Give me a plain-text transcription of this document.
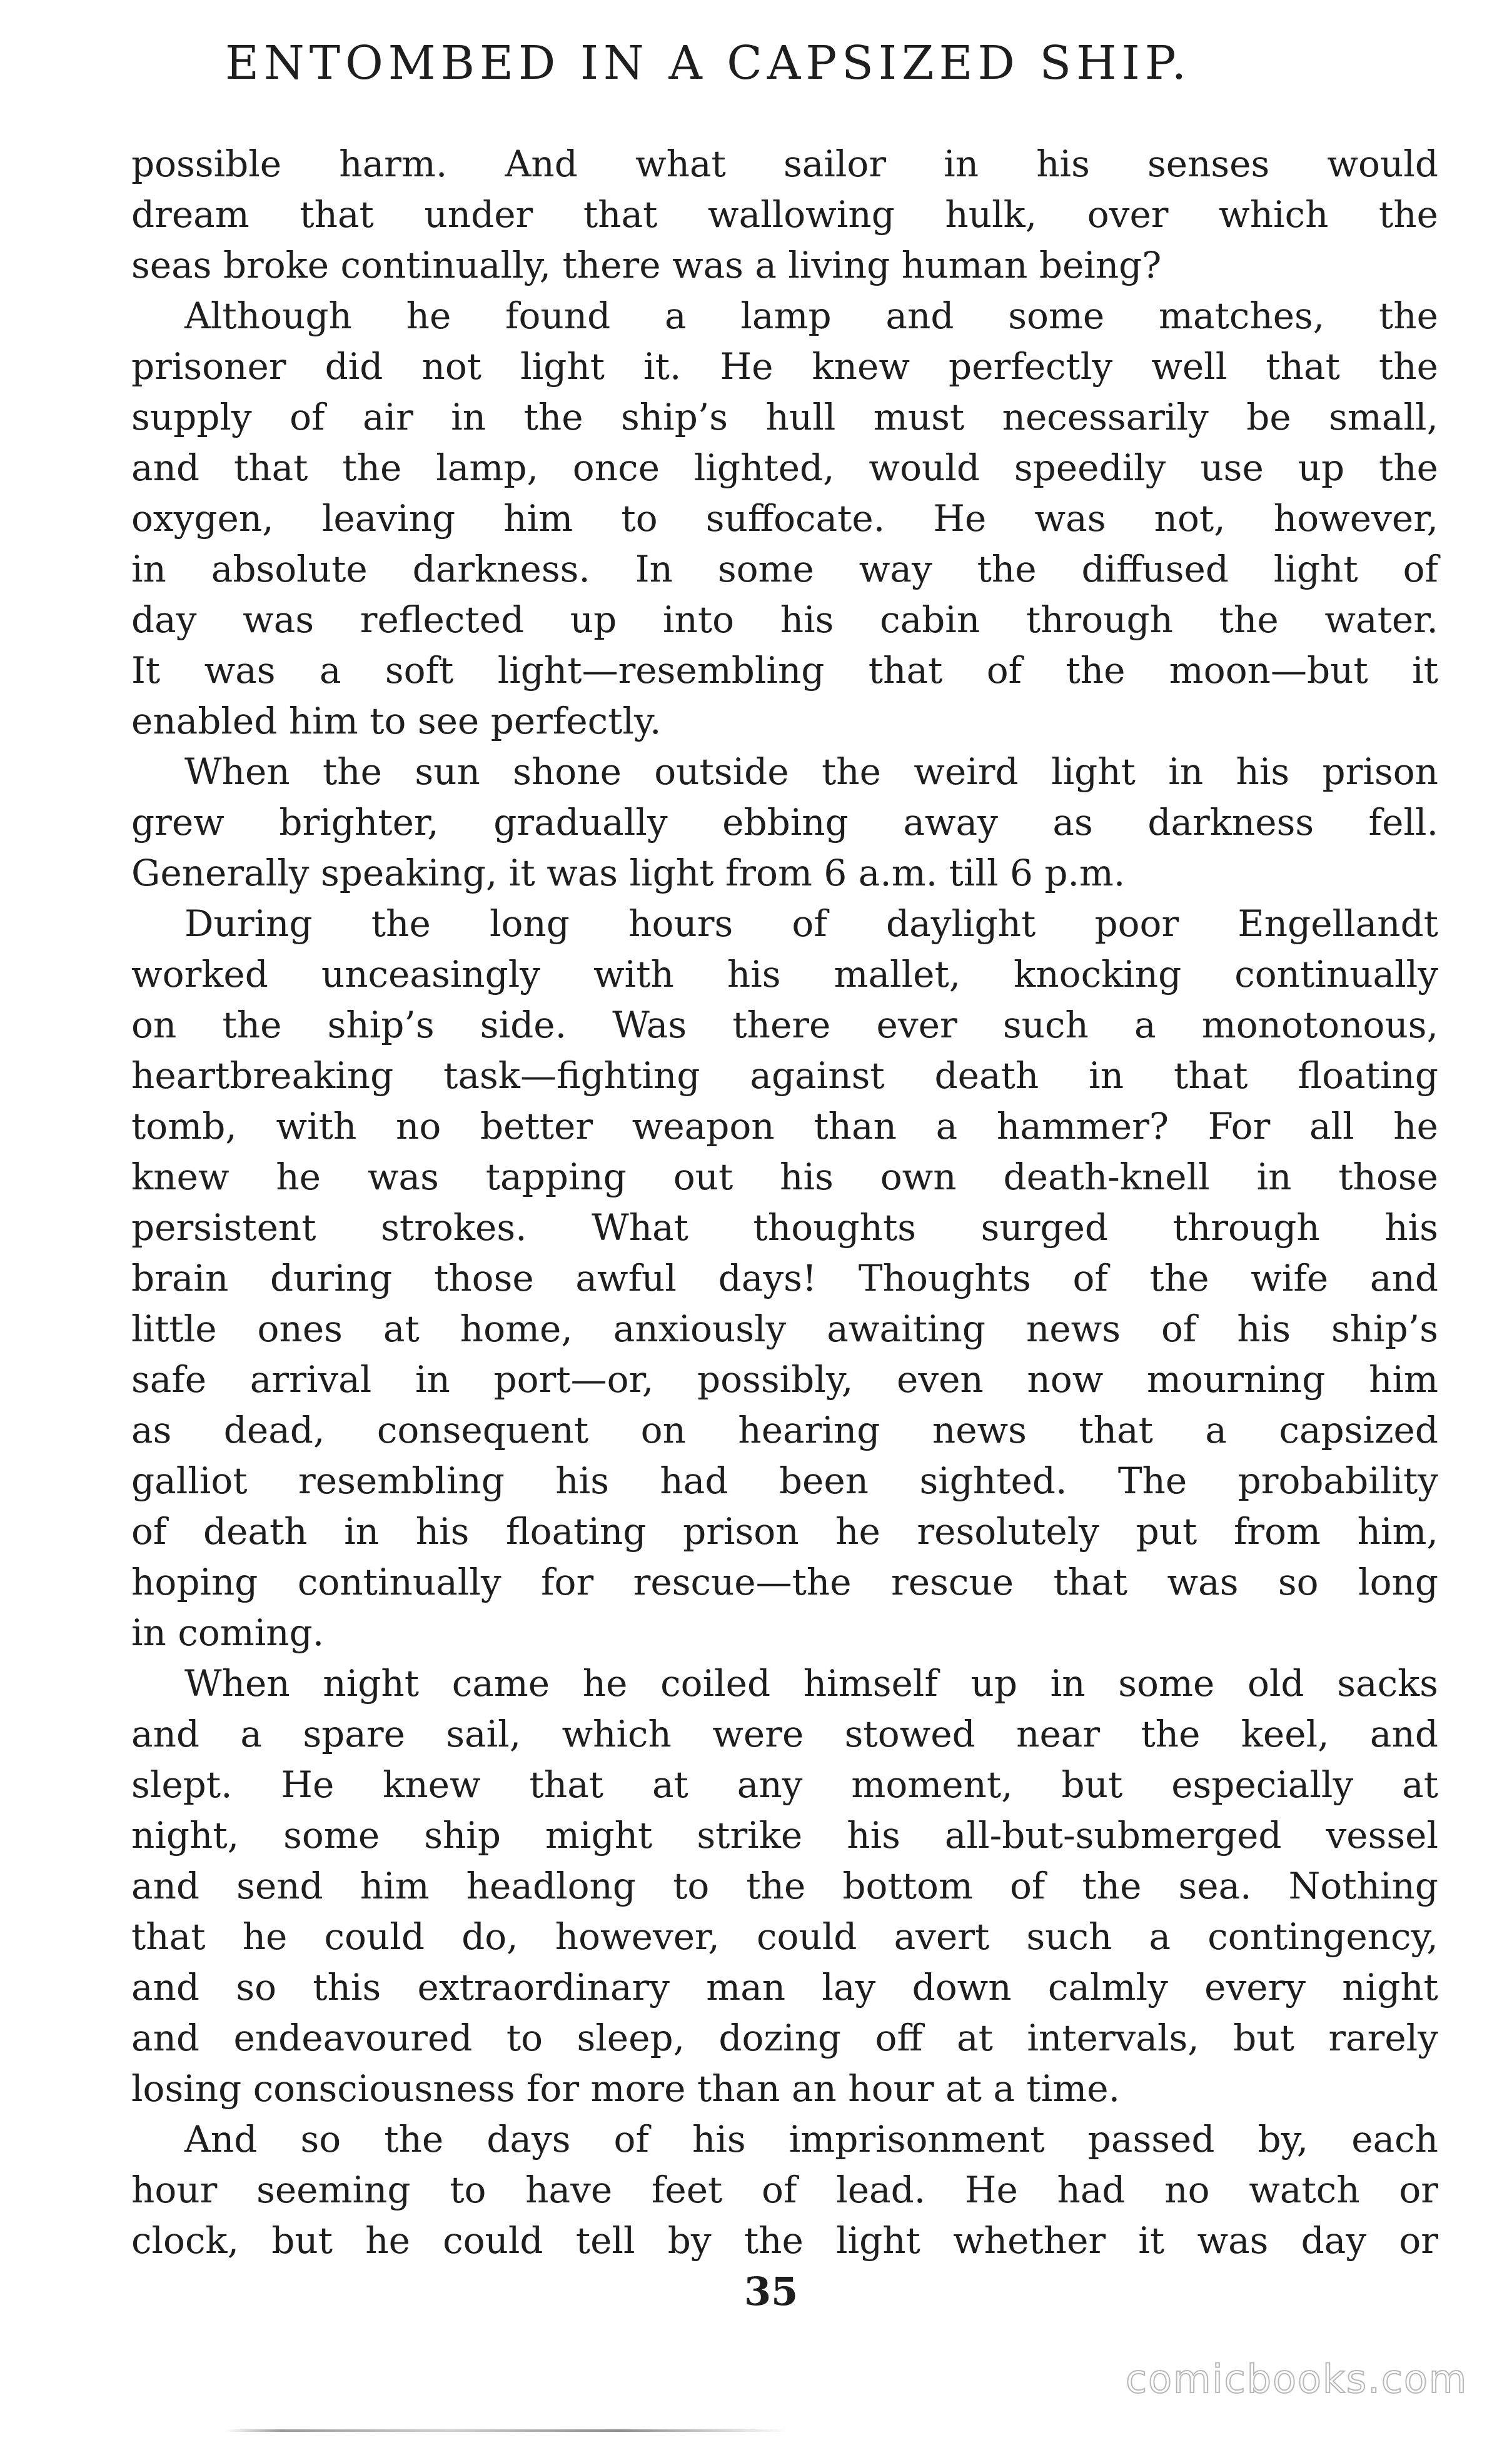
ENTOMBED IN A CAPSIZED SHIP.
possible harm. And what sailor in his senses would
dream that under that wallowing hulk, over which the
seas broke continually, there was a living human being?
Although he found a lamp and some matches, the
prisoner did not light it. He knew perfectly well that the
supply of air in the ship’s hull must necessarily be small,
and that the lamp, once lighted, would speedily use up the
oxygen, leaving him to suffocate. He was not, however,
in absolute darkness. In some way the diffused light of
day was reflected up into his cabin through the water.
It was a soft light—resembling that of the moon—but it
enabled him to see perfectly.
When the sun shone outside the weird light in his prison
grew brighter, gradually ebbing away as darkness fell.
Generally speaking, it was light from 6 a.m. till 6 p.m.
During the long hours of daylight poor Engellandt
worked unceasingly with his mallet, knocking continually
on the ship’s side. Was there ever such a monotonous,
heartbreaking task—fighting against death in that floating
tomb, with no better weapon than a hammer? For all he
knew he was tapping out his own death-knell in those
persistent strokes. What thoughts surged through his
brain during those awful days! Thoughts of the wife and
little ones at home, anxiously awaiting news of his ship’s
safe arrival in port—or, possibly, even now mourning him
as dead, consequent on hearing news that a capsized
galliot resembling his had been sighted. The probability
of death in his floating prison he resolutely put from him,
hoping continually for rescue—the rescue that was so long
in coming.
When night came he coiled himself up in some old sacks
and a spare sail, which were stowed near the keel, and
slept. He knew that at any moment, but especially at
night, some ship might strike his all-but-submerged vessel
and send him headlong to the bottom of the sea. Nothing
that he could do, however, could avert such a contingency,
and so this extraordinary man lay down calmly every night
and endeavoured to sleep, dozing off at intervals, but rarely
losing consciousness for more than an hour at a time.
And so the days of his imprisonment passed by, each
hour seeming to have feet of lead. He had no watch or
clock, but he could tell by the light whether it was day or
35
comicbooks.com
